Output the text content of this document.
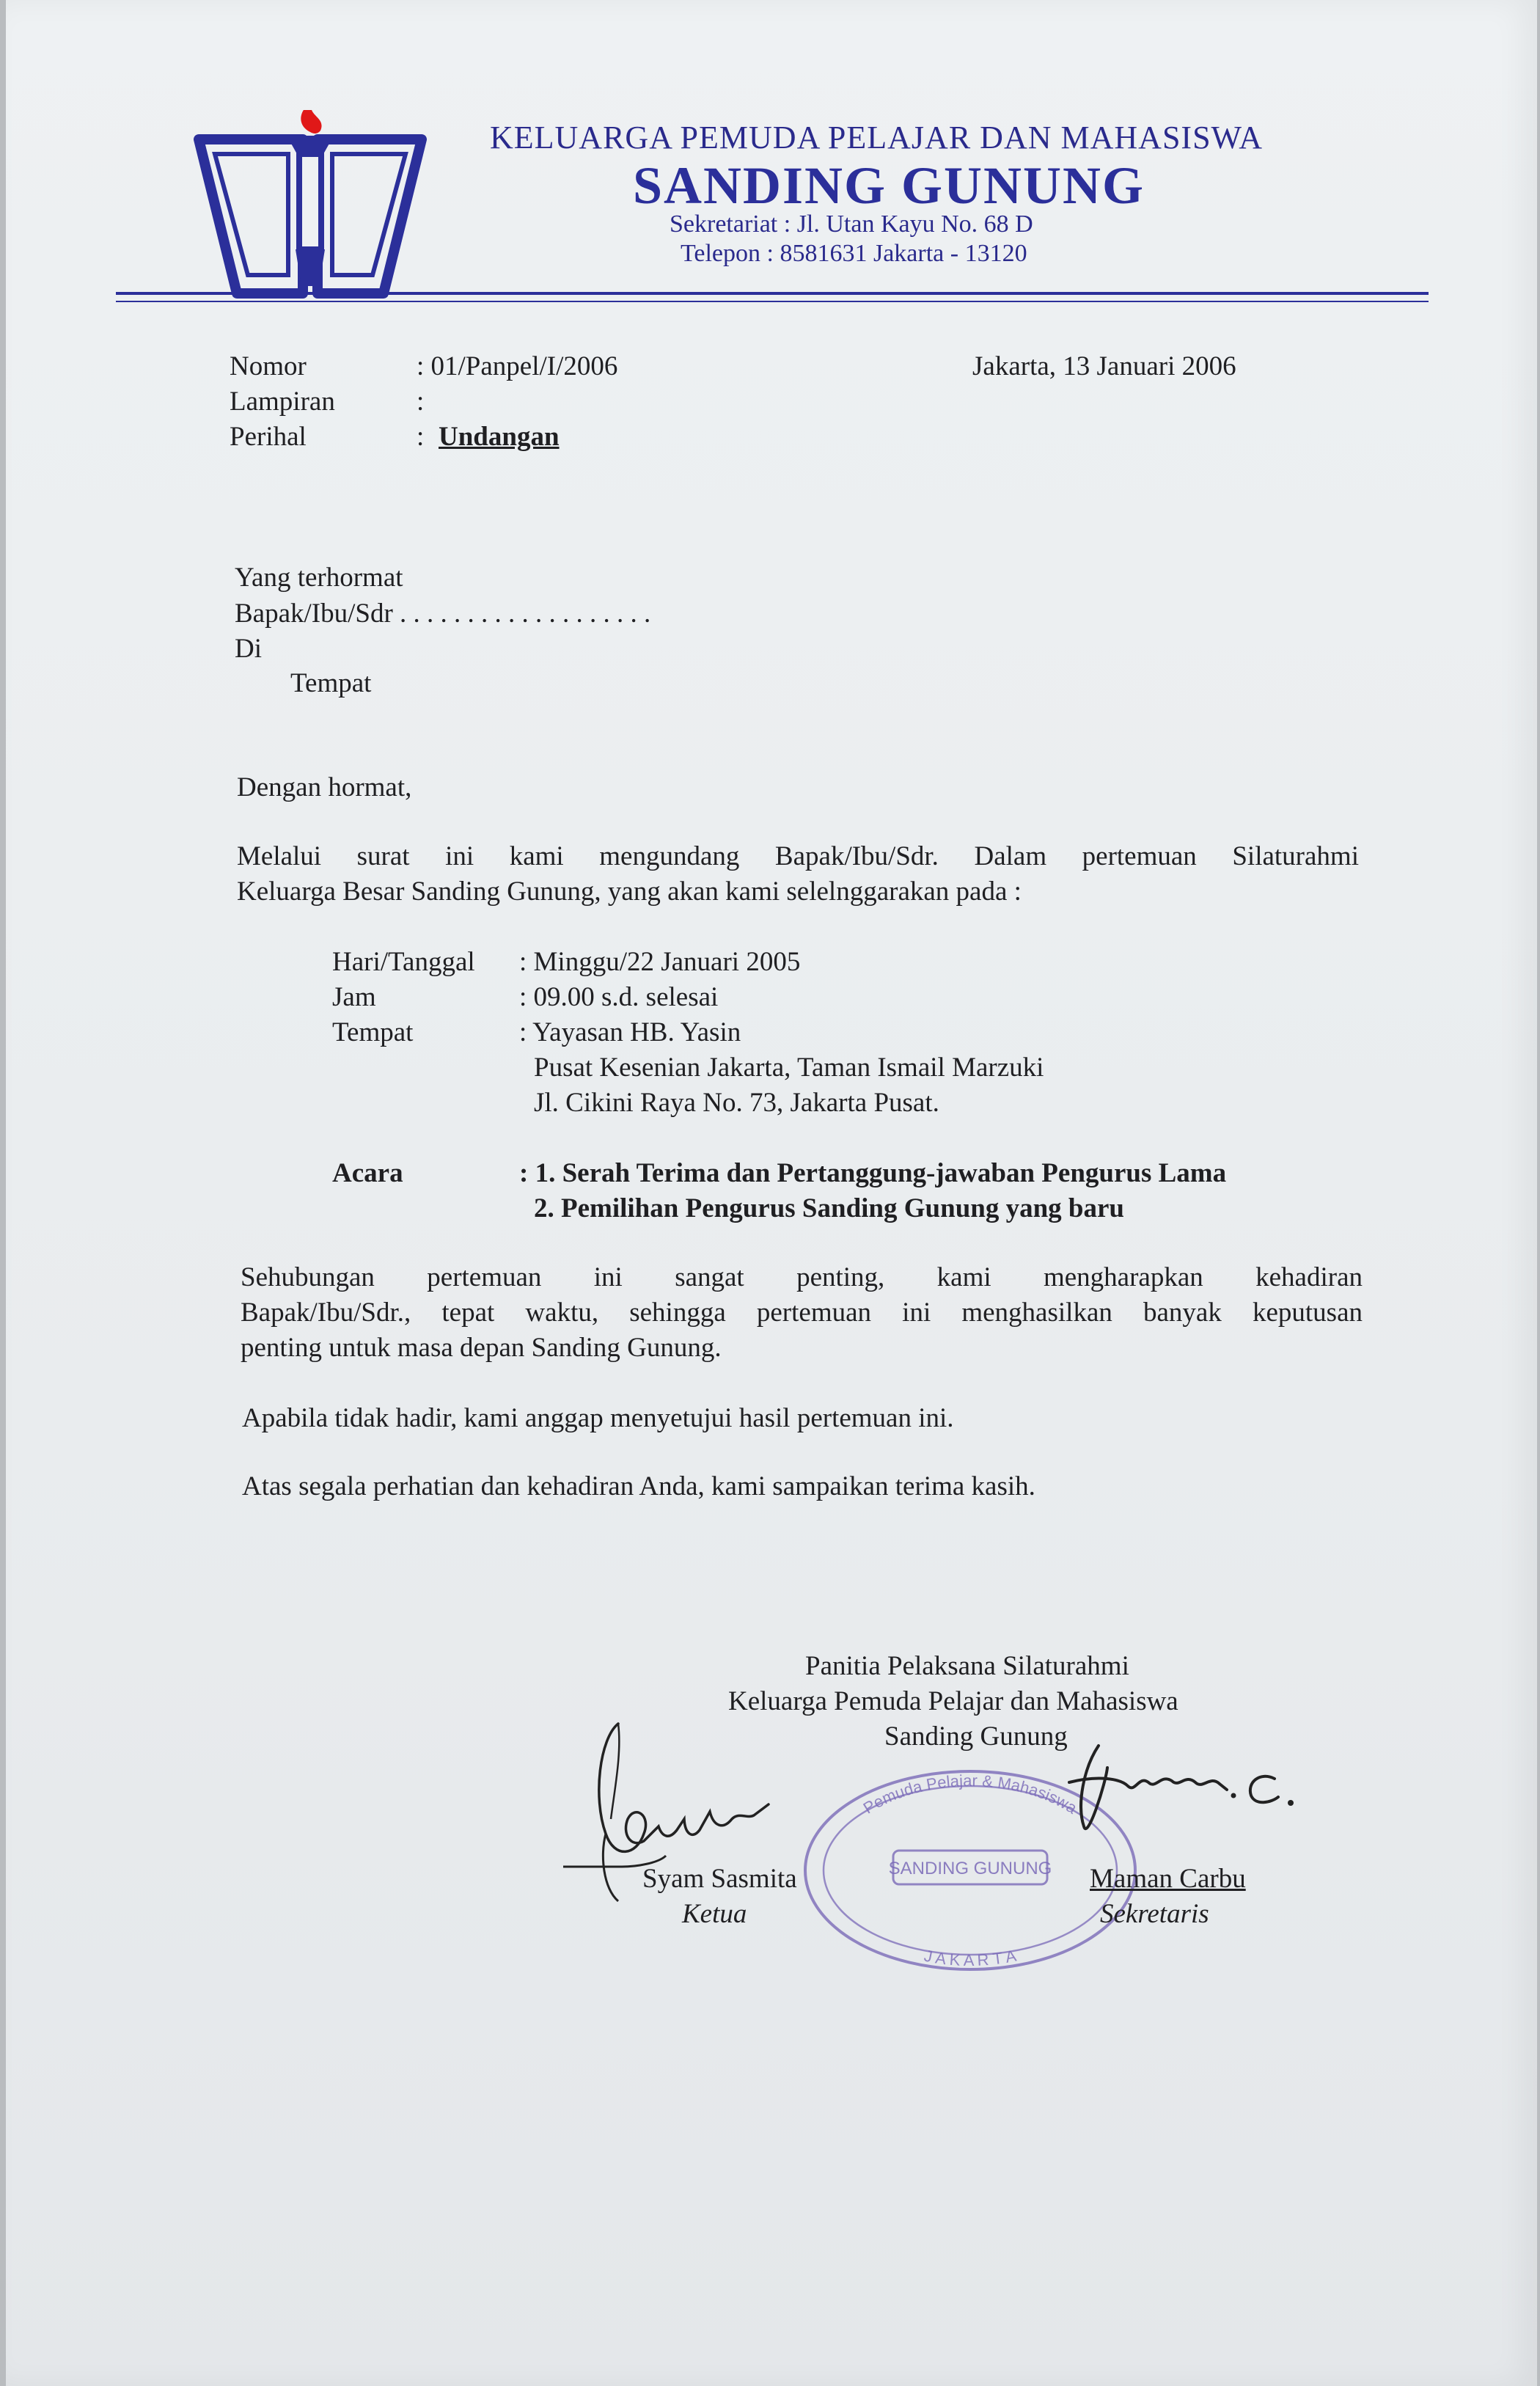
KELUARGA PEMUDA PELAJAR DAN MAHASISWA
SANDING GUNUNG
Sekretariat : Jl. Utan Kayu No. 68 D
Telepon : 8581631 Jakarta - 13120
Nomor	: 01/Panpel/I/2006	Jakarta, 13 Januari 2006
Lampiran	:
Perihal	: Undangan
Yang terhormat
Bapak/Ibu/Sdr . . . . . . . . . . . . . . . . . . .
Di
Tempat
Dengan hormat,
Melalui surat ini kami mengundang Bapak/Ibu/Sdr. Dalam pertemuan Silaturahmi
Keluarga Besar Sanding Gunung, yang akan kami selelnggarakan pada :
Hari/Tanggal : Minggu/22 Januari 2005
Jam	: 09.00 s.d. selesai
Tempat	: Yayasan HB. Yasin
Pusat Kesenian Jakarta, Taman Ismail Marzuki
Jl. Cikini Raya No. 73, Jakarta Pusat.
Acara	: 1. Serah Terima dan Pertanggung-jawaban Pengurus Lama
2. Pemilihan Pengurus Sanding Gunung yang baru
Sehubungan pertemuan ini sangat penting, kami mengharapkan kehadiran
Bapak/Ibu/Sdr., tepat waktu, sehingga pertemuan ini menghasilkan banyak keputusan
penting untuk masa depan Sanding Gunung.
Apabila tidak hadir, kami anggap menyetujui hasil pertemuan ini.
Atas segala perhatian dan kehadiran Anda, kami sampaikan terima kasih.
Panitia Pelaksana Silaturahmi
Keluarga Pemuda Pelajar dan Mahasiswa
Sanding Gunung
Pemuda Pelajar & Mahasiswa
SANDING GUNUNG
J A K A R T A
Syam Sasmita
Ketua
Maman Carbu
Sekretaris
